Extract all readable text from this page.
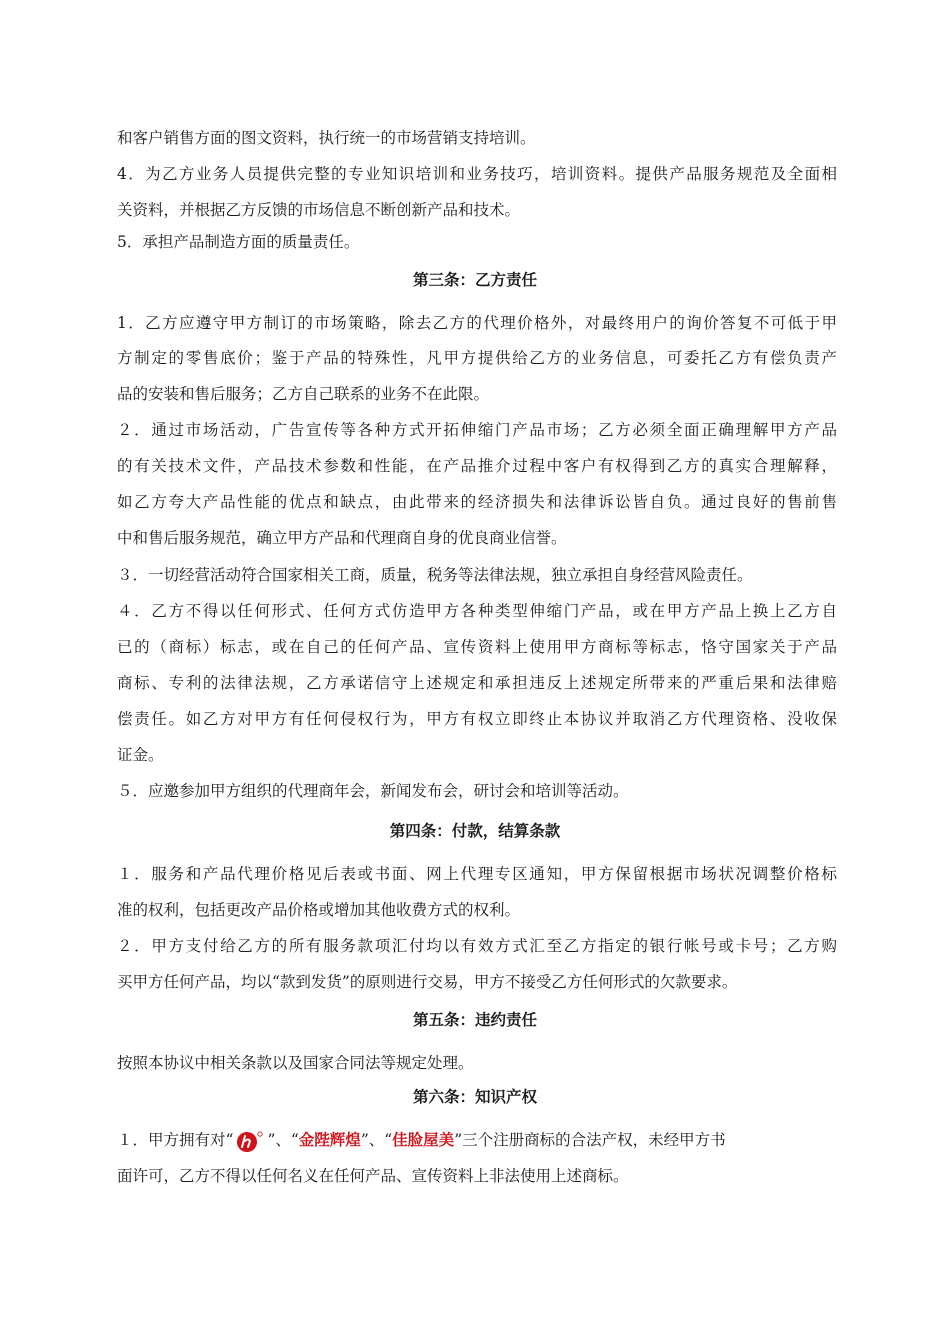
和客户销售方面的图文资料，执行统一的市场营销支持培训。
4．为乙方业务人员提供完整的专业知识培训和业务技巧，培训资料。提供产品服务规范及全面相
关资料，并根据乙方反馈的市场信息不断创新产品和技术。
5．承担产品制造方面的质量责任。
第三条：乙方责任
1．乙方应遵守甲方制订的市场策略，除去乙方的代理价格外，对最终用户的询价答复不可低于甲
方制定的零售底价；鉴于产品的特殊性，凡甲方提供给乙方的业务信息，可委托乙方有偿负责产
品的安装和售后服务；乙方自己联系的业务不在此限。
２．通过市场活动，广告宣传等各种方式开拓伸缩门产品市场；乙方必须全面正确理解甲方产品
的有关技术文件，产品技术参数和性能，在产品推介过程中客户有权得到乙方的真实合理解释，
如乙方夸大产品性能的优点和缺点，由此带来的经济损失和法律诉讼皆自负。通过良好的售前售
中和售后服务规范，确立甲方产品和代理商自身的优良商业信誉。
３．一切经营活动符合国家相关工商，质量，税务等法律法规，独立承担自身经营风险责任。
４．乙方不得以任何形式、任何方式仿造甲方各种类型伸缩门产品，或在甲方产品上换上乙方自
已的（商标）标志，或在自己的任何产品、宣传资料上使用甲方商标等标志，恪守国家关于产品
商标、专利的法律法规，乙方承诺信守上述规定和承担违反上述规定所带来的严重后果和法律赔
偿责任。如乙方对甲方有任何侵权行为，甲方有权立即终止本协议并取消乙方代理资格、没收保
证金。
５．应邀参加甲方组织的代理商年会，新闻发布会，研讨会和培训等活动。
第四条：付款，结算条款
１．服务和产品代理价格见后表或书面、网上代理专区通知，甲方保留根据市场状况调整价格标
准的权利，包括更改产品价格或增加其他收费方式的权利。
２．甲方支付给乙方的所有服务款项汇付均以有效方式汇至乙方指定的银行帐号或卡号；乙方购
买甲方任何产品，均以“款到发货”的原则进行交易，甲方不接受乙方任何形式的欠款要求。
第五条：违约责任
按照本协议中相关条款以及国家合同法等规定处理。
第六条：知识产权
１．甲方拥有对“ ”、“金陛辉煌”、“佳脸屋美”三个注册商标的合法产权，未经甲方书
面许可，乙方不得以任何名义在任何产品、宣传资料上非法使用上述商标。
